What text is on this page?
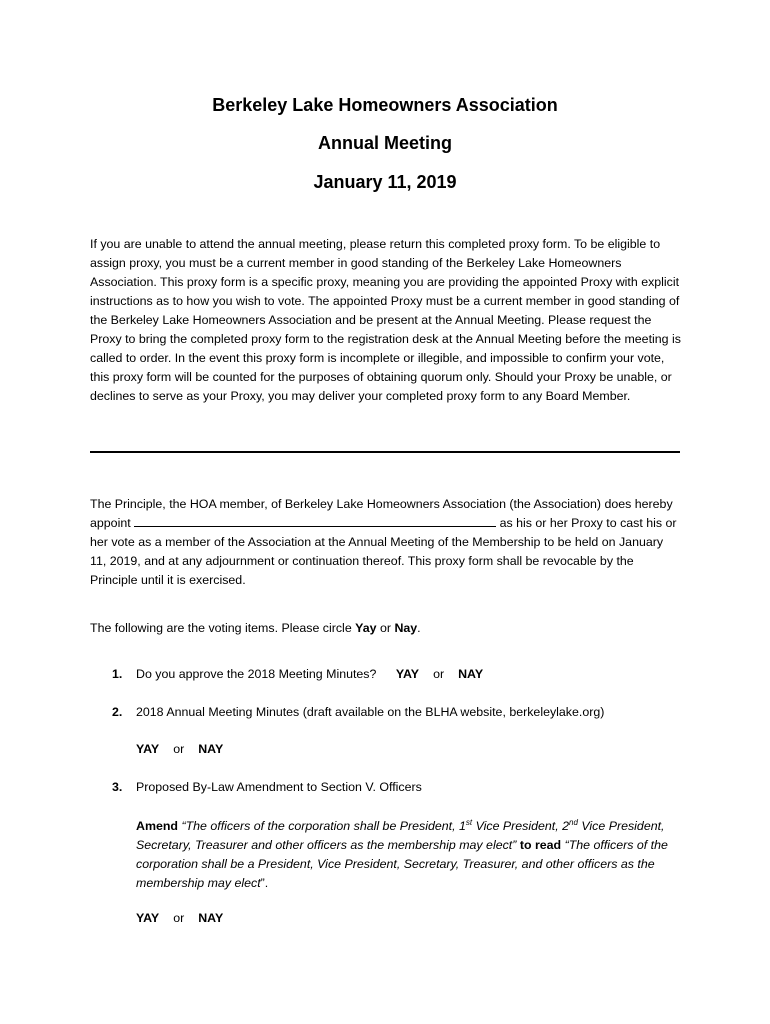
Berkeley Lake Homeowners Association
Annual Meeting
January 11, 2019

If you are unable to attend the annual meeting, please return this completed proxy form. To be eligible to assign proxy, you must be a current member in good standing of the Berkeley Lake Homeowners Association. This proxy form is a specific proxy, meaning you are providing the appointed Proxy with explicit instructions as to how you wish to vote. The appointed Proxy must be a current member in good standing of the Berkeley Lake Homeowners Association and be present at the Annual Meeting. Please request the Proxy to bring the completed proxy form to the registration desk at the Annual Meeting before the meeting is called to order. In the event this proxy form is incomplete or illegible, and impossible to confirm your vote, this proxy form will be counted for the purposes of obtaining quorum only. Should your Proxy be unable, or declines to serve as your Proxy, you may deliver your completed proxy form to any Board Member.

The Principle, the HOA member, of Berkeley Lake Homeowners Association (the Association) does hereby appoint	as his or her Proxy to cast his or her vote as a member of the Association at the Annual Meeting of the Membership to be held on January 11, 2019, and at any adjournment or continuation thereof. This proxy form shall be revocable by the Principle until it is exercised.

The following are the voting items. Please circle Yay or Nay.

1. Do you approve the 2018 Meeting Minutes? YAY or NAY

2. 2018 Annual Meeting Minutes (draft available on the BLHA website, berkeleylake.org)

YAY or NAY

3. Proposed By-Law Amendment to Section V. Officers

Amend “The officers of the corporation shall be President, 1st Vice President, 2nd Vice President, Secretary, Treasurer and other officers as the membership may elect” to read “The officers of the corporation shall be a President, Vice President, Secretary, Treasurer, and other officers as the membership may elect”.

YAY or NAY
